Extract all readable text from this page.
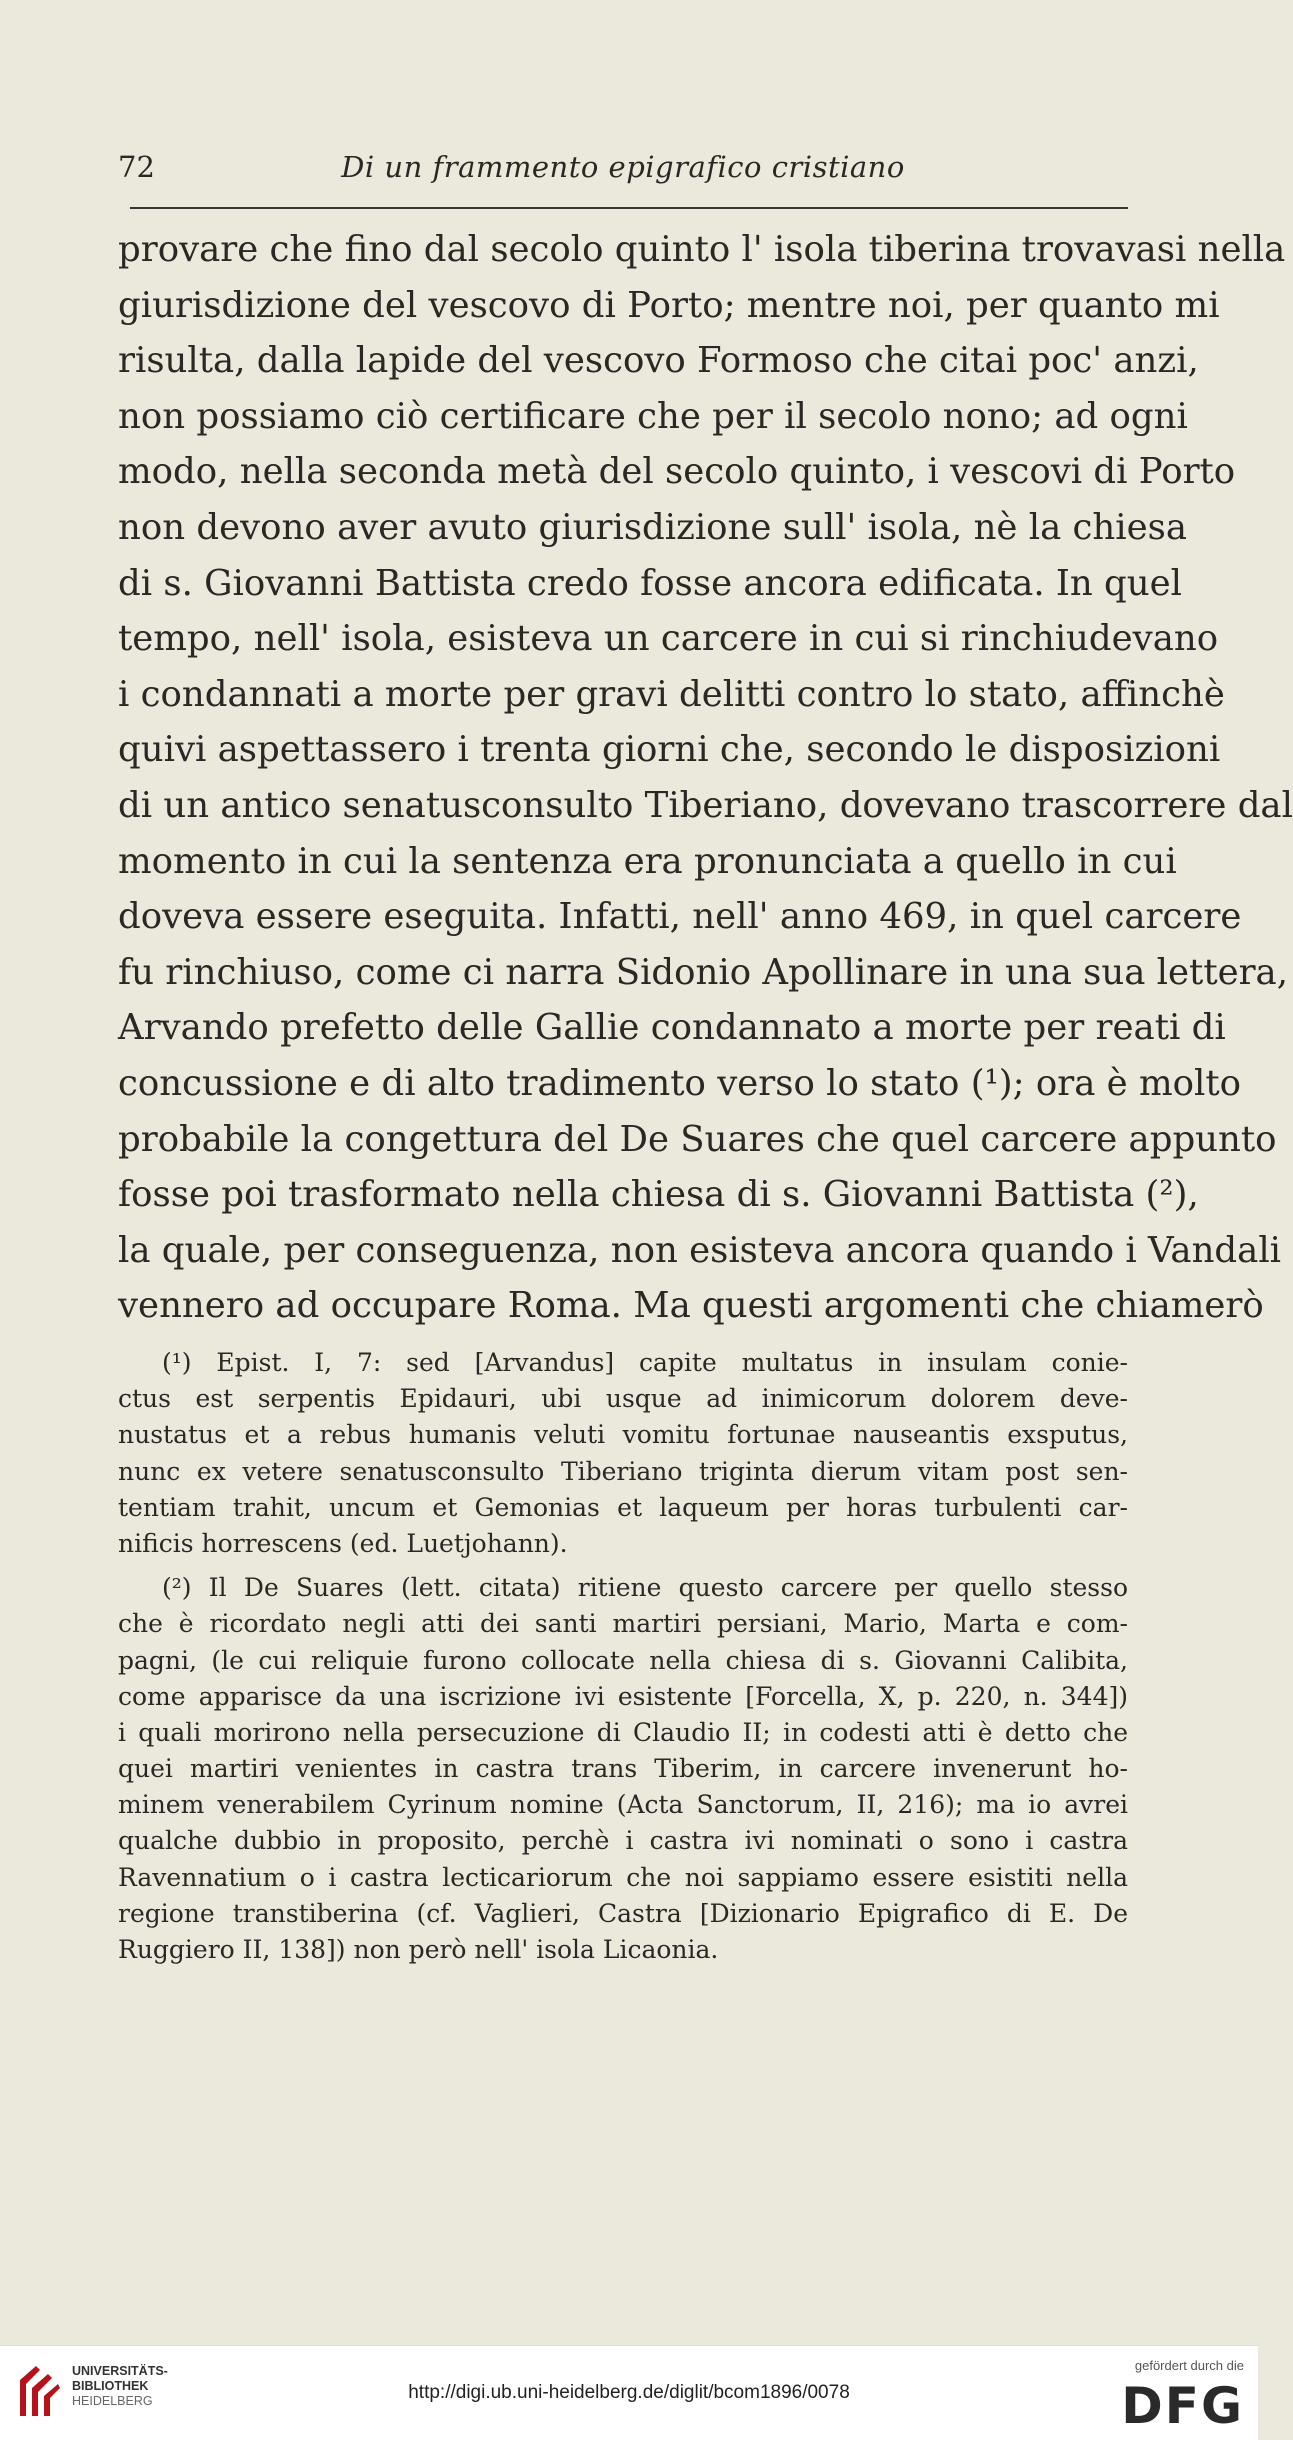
72	Di un frammento epigrafico cristiano
provare che fino dal secolo quinto l' isola tiberina trovavasi nella
giurisdizione del vescovo di Porto; mentre noi, per quanto mi
risulta, dalla lapide del vescovo Formoso che citai poc' anzi,
non possiamo ciò certificare che per il secolo nono; ad ogni
modo, nella seconda metà del secolo quinto, i vescovi di Porto
non devono aver avuto giurisdizione sull' isola, nè la chiesa
di s. Giovanni Battista credo fosse ancora edificata. In quel
tempo, nell' isola, esisteva un carcere in cui si rinchiudevano
i condannati a morte per gravi delitti contro lo stato, affinchè
quivi aspettassero i trenta giorni che, secondo le disposizioni
di un antico senatusconsulto Tiberiano, dovevano trascorrere dal
momento in cui la sentenza era pronunciata a quello in cui
doveva essere eseguita. Infatti, nell' anno 469, in quel carcere
fu rinchiuso, come ci narra Sidonio Apollinare in una sua lettera,
Arvando prefetto delle Gallie condannato a morte per reati di
concussione e di alto tradimento verso lo stato (¹); ora è molto
probabile la congettura del De Suares che quel carcere appunto
fosse poi trasformato nella chiesa di s. Giovanni Battista (²),
la quale, per conseguenza, non esisteva ancora quando i Vandali
vennero ad occupare Roma. Ma questi argomenti che chiamerò
(¹) Epist. I, 7: sed [Arvandus] capite multatus in insulam conie-
ctus est serpentis Epidauri, ubi usque ad inimicorum dolorem deve-
nustatus et a rebus humanis veluti vomitu fortunae nauseantis exsputus,
nunc ex vetere senatusconsulto Tiberiano triginta dierum vitam post sen-
tentiam trahit, uncum et Gemonias et laqueum per horas turbulenti car-
nificis horrescens (ed. Luetjohann).
(²) Il De Suares (lett. citata) ritiene questo carcere per quello stesso
che è ricordato negli atti dei santi martiri persiani, Mario, Marta e com-
pagni, (le cui reliquie furono collocate nella chiesa di s. Giovanni Calibita,
come apparisce da una iscrizione ivi esistente [Forcella, X, p. 220, n. 344])
i quali morirono nella persecuzione di Claudio II; in codesti atti è detto che
quei martiri venientes in castra trans Tiberim, in carcere invenerunt ho-
minem venerabilem Cyrinum nomine (Acta Sanctorum, II, 216); ma io avrei
qualche dubbio in proposito, perchè i castra ivi nominati o sono i castra
Ravennatium o i castra lecticariorum che noi sappiamo essere esistiti nella
regione transtiberina (cf. Vaglieri, Castra [Dizionario Epigrafico di E. De
Ruggiero II, 138]) non però nell' isola Licaonia.
UNIVERSITÄTS-
BIBLIOTHEK
HEIDELBERG	http://digi.ub.uni-heidelberg.de/diglit/bcom1896/0078
gefördert durch die
DFG
